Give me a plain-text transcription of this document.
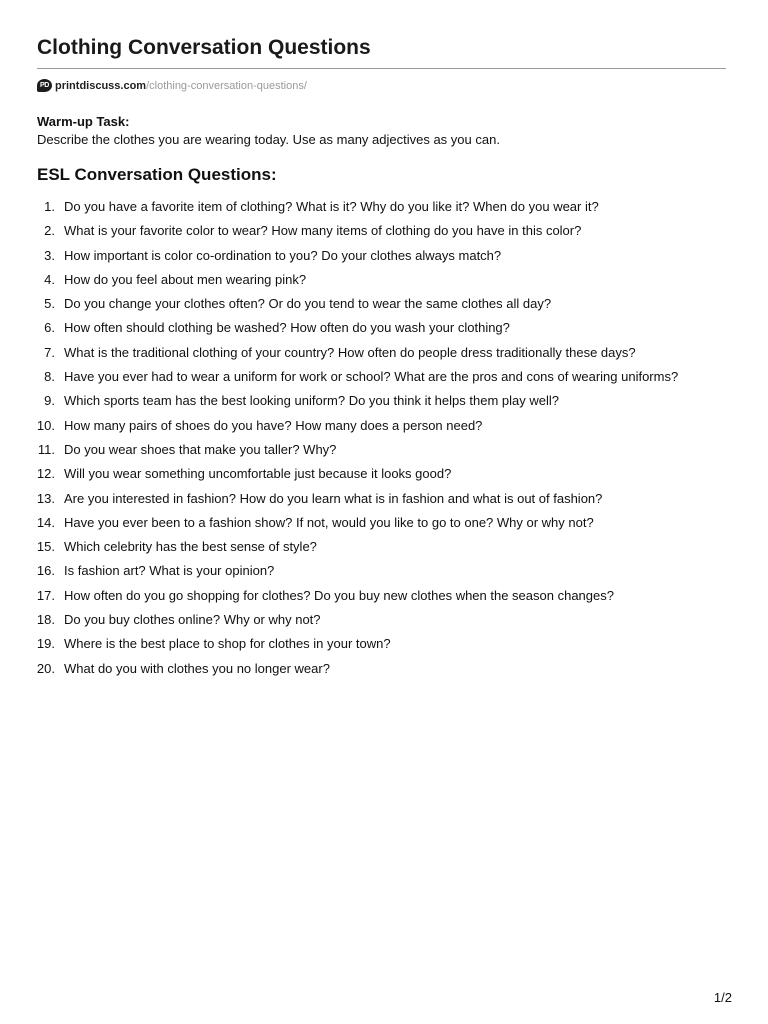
Clothing Conversation Questions
PD printdiscuss.com /clothing-conversation-questions/
Warm-up Task:
Describe the clothes you are wearing today. Use as many adjectives as you can.
ESL Conversation Questions:
1. Do you have a favorite item of clothing? What is it? Why do you like it? When do you wear it?
2. What is your favorite color to wear? How many items of clothing do you have in this color?
3. How important is color co-ordination to you? Do your clothes always match?
4. How do you feel about men wearing pink?
5. Do you change your clothes often? Or do you tend to wear the same clothes all day?
6. How often should clothing be washed? How often do you wash your clothing?
7. What is the traditional clothing of your country? How often do people dress traditionally these days?
8. Have you ever had to wear a uniform for work or school? What are the pros and cons of wearing uniforms?
9. Which sports team has the best looking uniform? Do you think it helps them play well?
10. How many pairs of shoes do you have? How many does a person need?
11. Do you wear shoes that make you taller? Why?
12. Will you wear something uncomfortable just because it looks good?
13. Are you interested in fashion? How do you learn what is in fashion and what is out of fashion?
14. Have you ever been to a fashion show? If not, would you like to go to one? Why or why not?
15. Which celebrity has the best sense of style?
16. Is fashion art? What is your opinion?
17. How often do you go shopping for clothes? Do you buy new clothes when the season changes?
18. Do you buy clothes online? Why or why not?
19. Where is the best place to shop for clothes in your town?
20. What do you with clothes you no longer wear?
1/2
